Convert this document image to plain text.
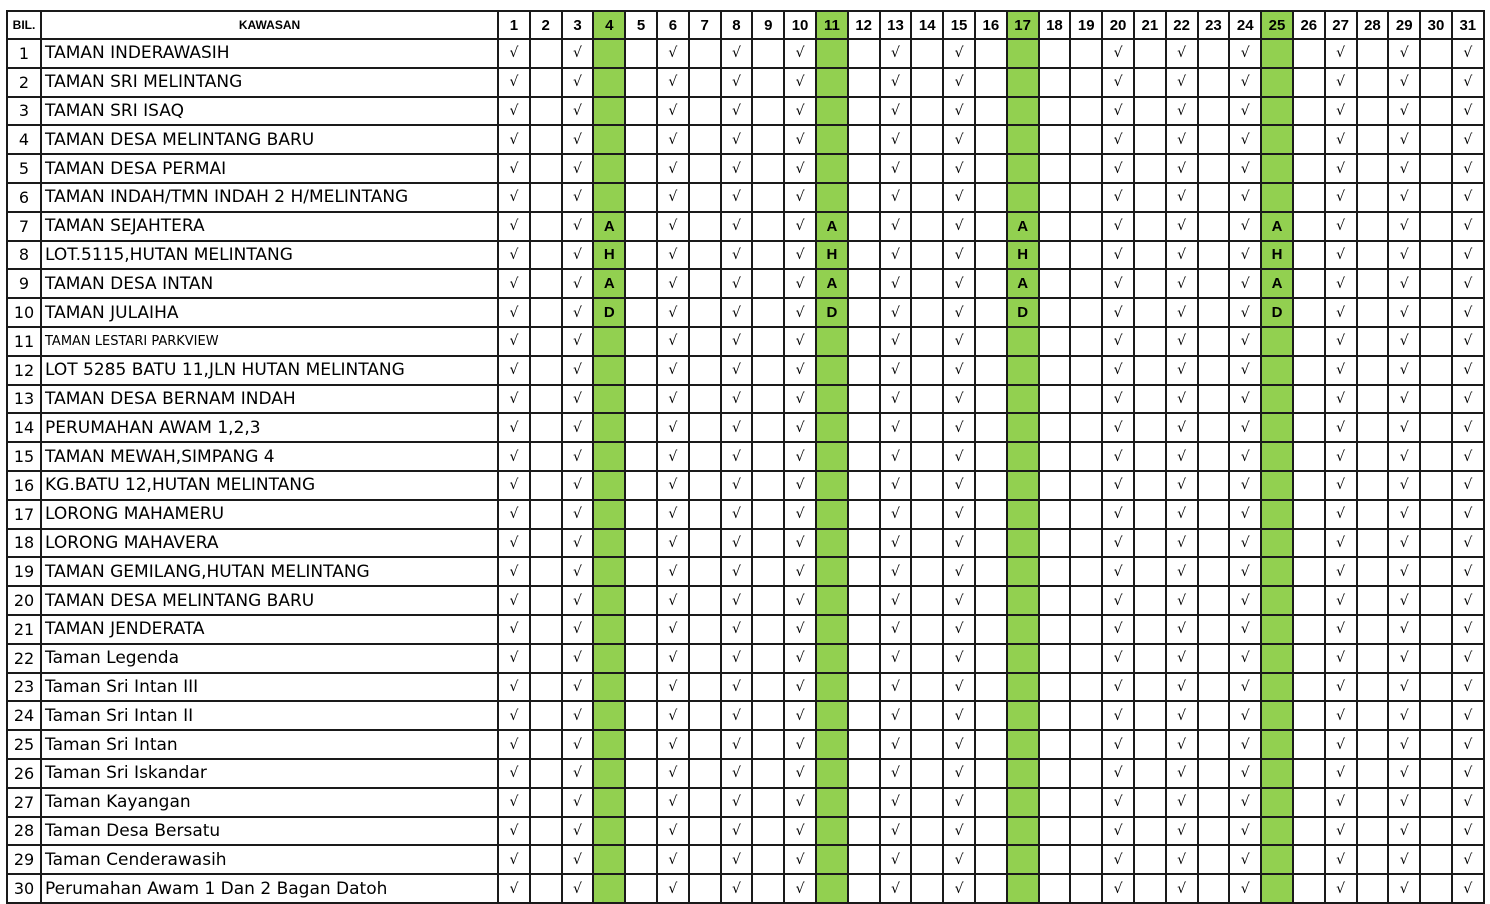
BIL.	KAWASAN	1	2	3	4	5	6	7	8	9	10	11	12	13	14	15	16	17	18	19	20	21	22	23	24	25	26	27	28	29	30	31
1	TAMAN INDERAWASIH	√		√			√		√		√			√		√					√		√		√			√		√		√
2	TAMAN SRI MELINTANG	√		√			√		√		√			√		√					√		√		√			√		√		√
3	TAMAN SRI ISAQ	√		√			√		√		√			√		√					√		√		√			√		√		√
4	TAMAN DESA MELINTANG BARU	√		√			√		√		√			√		√					√		√		√			√		√		√
5	TAMAN DESA PERMAI	√		√			√		√		√			√		√					√		√		√			√		√		√
6	TAMAN INDAH/TMN INDAH 2 H/MELINTANG	√		√			√		√		√			√		√					√		√		√			√		√		√
7	TAMAN SEJAHTERA	√		√	A		√		√		√	A		√		√		A			√		√		√	A		√		√		√
8	LOT.5115,HUTAN MELINTANG	√		√	H		√		√		√	H		√		√		H			√		√		√	H		√		√		√
9	TAMAN DESA INTAN	√		√	A		√		√		√	A		√		√		A			√		√		√	A		√		√		√
10	TAMAN JULAIHA	√		√	D		√		√		√	D		√		√		D			√		√		√	D		√		√		√
11	TAMAN LESTARI PARKVIEW	√		√			√		√		√			√		√					√		√		√			√		√		√
12	LOT 5285 BATU 11,JLN HUTAN MELINTANG	√		√			√		√		√			√		√					√		√		√			√		√		√
13	TAMAN DESA BERNAM INDAH	√		√			√		√		√			√		√					√		√		√			√		√		√
14	PERUMAHAN AWAM 1,2,3	√		√			√		√		√			√		√					√		√		√			√		√		√
15	TAMAN MEWAH,SIMPANG 4	√		√			√		√		√			√		√					√		√		√			√		√		√
16	KG.BATU 12,HUTAN MELINTANG	√		√			√		√		√			√		√					√		√		√			√		√		√
17	LORONG MAHAMERU	√		√			√		√		√			√		√					√		√		√			√		√		√
18	LORONG MAHAVERA	√		√			√		√		√			√		√					√		√		√			√		√		√
19	TAMAN GEMILANG,HUTAN MELINTANG	√		√			√		√		√			√		√					√		√		√			√		√		√
20	TAMAN DESA MELINTANG BARU	√		√			√		√		√			√		√					√		√		√			√		√		√
21	TAMAN JENDERATA	√		√			√		√		√			√		√					√		√		√			√		√		√
22	Taman Legenda	√		√			√		√		√			√		√					√		√		√			√		√		√
23	Taman Sri Intan III	√		√			√		√		√			√		√					√		√		√			√		√		√
24	Taman Sri Intan II	√		√			√		√		√			√		√					√		√		√			√		√		√
25	Taman Sri Intan	√		√			√		√		√			√		√					√		√		√			√		√		√
26	Taman Sri Iskandar	√		√			√		√		√			√		√					√		√		√			√		√		√
27	Taman Kayangan	√		√			√		√		√			√		√					√		√		√			√		√		√
28	Taman Desa Bersatu	√		√			√		√		√			√		√					√		√		√			√		√		√
29	Taman Cenderawasih	√		√			√		√		√			√		√					√		√		√			√		√		√
30	Perumahan Awam 1 Dan 2 Bagan Datoh	√		√			√		√		√			√		√					√		√		√			√		√		√
